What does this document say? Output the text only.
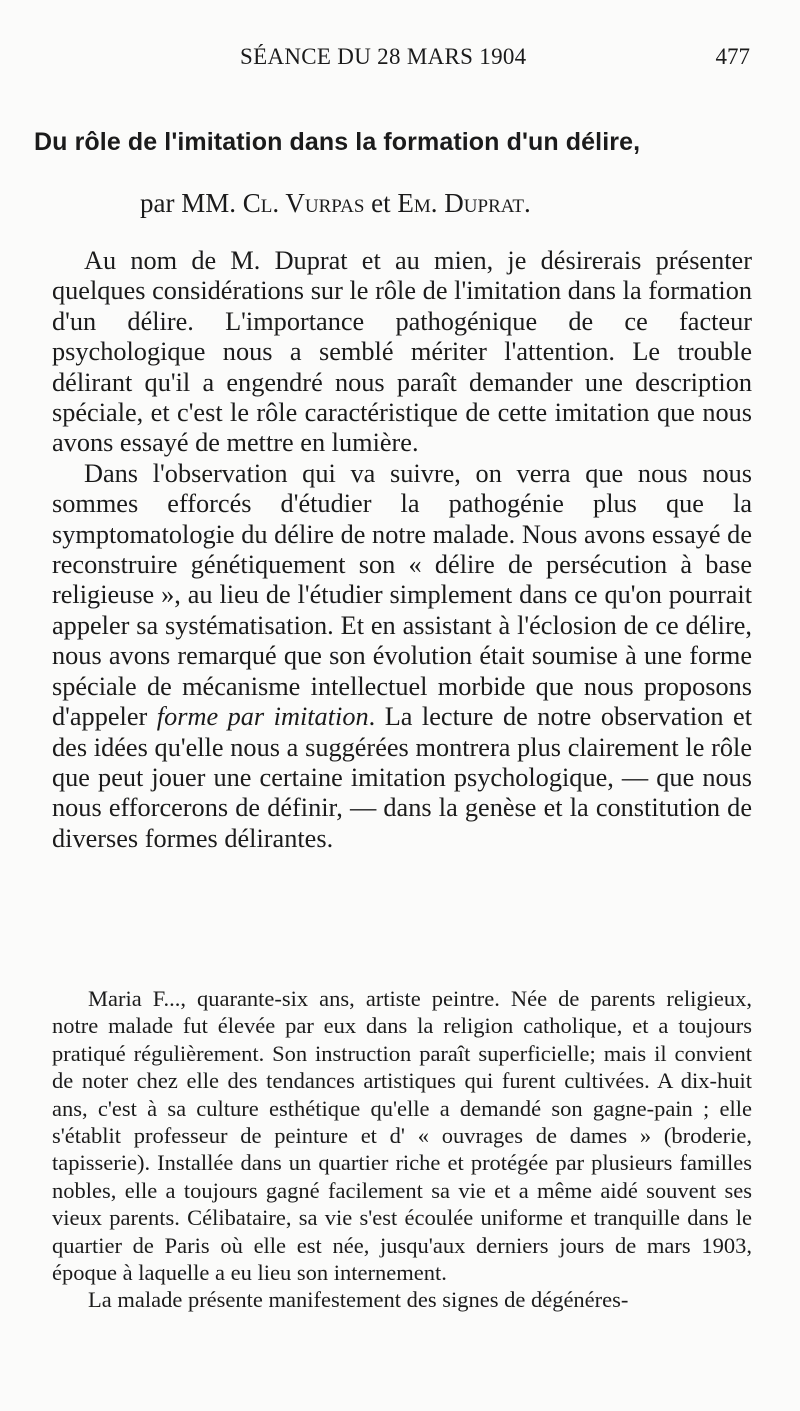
SÉANCE DU 28 MARS 1904	477
Du rôle de l'imitation dans la formation d'un délire,
par MM. Cl. Vurpas et Em. Duprat.

Au nom de M. Duprat et au mien, je désirerais présenter quelques considérations sur le rôle de l'imitation dans la formation d'un délire. L'importance pathogénique de ce facteur psychologique nous a semblé mériter l'attention. Le trouble délirant qu'il a engendré nous paraît demander une description spéciale, et c'est le rôle caractéristique de cette imitation que nous avons essayé de mettre en lumière.

Dans l'observation qui va suivre, on verra que nous nous sommes efforcés d'étudier la pathogénie plus que la symptomatologie du délire de notre malade. Nous avons essayé de reconstruire génétiquement son « délire de persécution à base religieuse », au lieu de l'étudier simplement dans ce qu'on pourrait appeler sa systématisation. Et en assistant à l'éclosion de ce délire, nous avons remarqué que son évolution était soumise à une forme spéciale de mécanisme intellectuel morbide que nous proposons d'appeler forme par imitation. La lecture de notre observation et des idées qu'elle nous a suggérées montrera plus clairement le rôle que peut jouer une certaine imitation psychologique, — que nous nous efforcerons de définir, — dans la genèse et la constitution de diverses formes délirantes.

Maria F..., quarante-six ans, artiste peintre. Née de parents religieux, notre malade fut élevée par eux dans la religion catholique, et a toujours pratiqué régulièrement. Son instruction paraît superficielle; mais il convient de noter chez elle des tendances artistiques qui furent cultivées. A dix-huit ans, c'est à sa culture esthétique qu'elle a demandé son gagne-pain ; elle s'établit professeur de peinture et d' « ouvrages de dames » (broderie, tapisserie). Installée dans un quartier riche et protégée par plusieurs familles nobles, elle a toujours gagné facilement sa vie et a même aidé souvent ses vieux parents. Célibataire, sa vie s'est écoulée uniforme et tranquille dans le quartier de Paris où elle est née, jusqu'aux derniers jours de mars 1903, époque à laquelle a eu lieu son internement.

La malade présente manifestement des signes de dégénéres-
